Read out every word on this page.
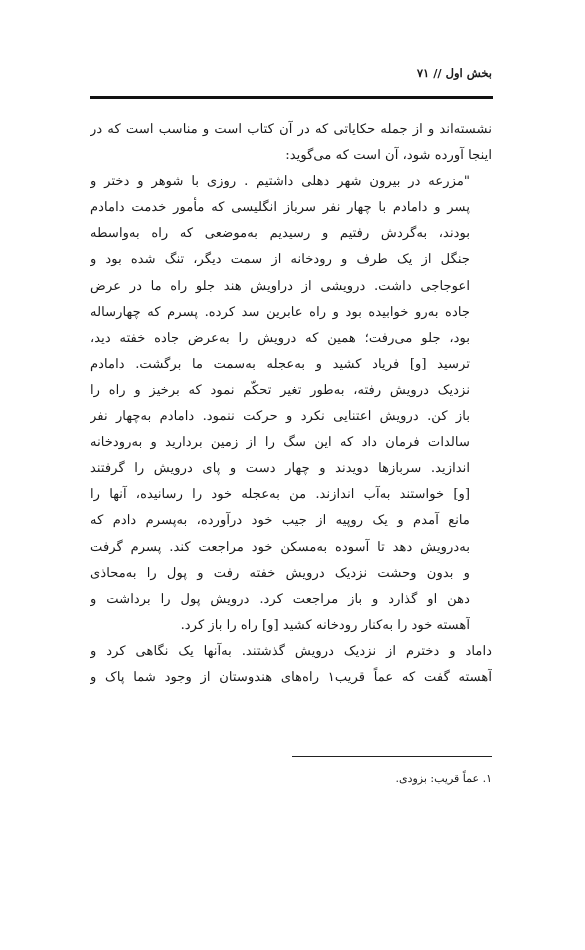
بخش اول // ۷۱
نشسته‌اند و از جمله حکایاتی که در آن کتاب است و مناسب است که در
اینجا آورده شود، آن است که می‌گوید:
"مزرعه در بیرون شهر دهلی داشتیم . روزی با شوهر و دختر و
پسر و دامادم با چهار نفر سرباز انگلیسی که مأمور خدمت دامادم
بودند، به‌گردش رفتیم و رسیدیم به‌موضعی که راه به‌واسطه
جنگل از یک طرف و رودخانه از سمت دیگر، تنگ شده بود و
اعوجاجی داشت. درویشی از دراویش هند جلو راه ما در عرض
جاده به‌رو خوابیده بود و راه عابرین سد کرده. پسرم که چهارساله
بود، جلو می‌رفت؛ همین که درویش را به‌عرض جاده خفته دید،
ترسید [و] فریاد کشید و به‌عجله به‌سمت ما برگشت. دامادم
نزدیک درویش رفته، به‌طور تغیر تحکّم نمود که برخیز و راه را
باز کن. درویش اعتنایی نکرد و حرکت ننمود. دامادم به‌چهار نفر
سالدات فرمان داد که این سگ را از زمین بردارید و به‌رودخانه
اندازید. سربازها دویدند و چهار دست و پای درویش را گرفتند
[و] خواستند به‌آب اندازند. من به‌عجله خود را رسانیده، آنها را
مانع آمدم و یک روپیه از جیب خود درآورده، به‌پسرم دادم که
به‌درویش دهد تا آسوده به‌مسکن خود مراجعت کند. پسرم گرفت
و بدون وحشت نزدیک درویش خفته رفت و پول را به‌محاذی
دهن او گذارد و باز مراجعت کرد. درویش پول را برداشت و
آهسته خود را به‌کنار رودخانه کشید [و] راه را باز کرد.
داماد و دخترم از نزدیک درویش گذشتند. به‌آنها یک نگاهی کرد و
آهسته گفت که عماً قریب۱ راه‌های هندوستان از وجود شما پاک و
۱. عماً قریب: بزودی.
